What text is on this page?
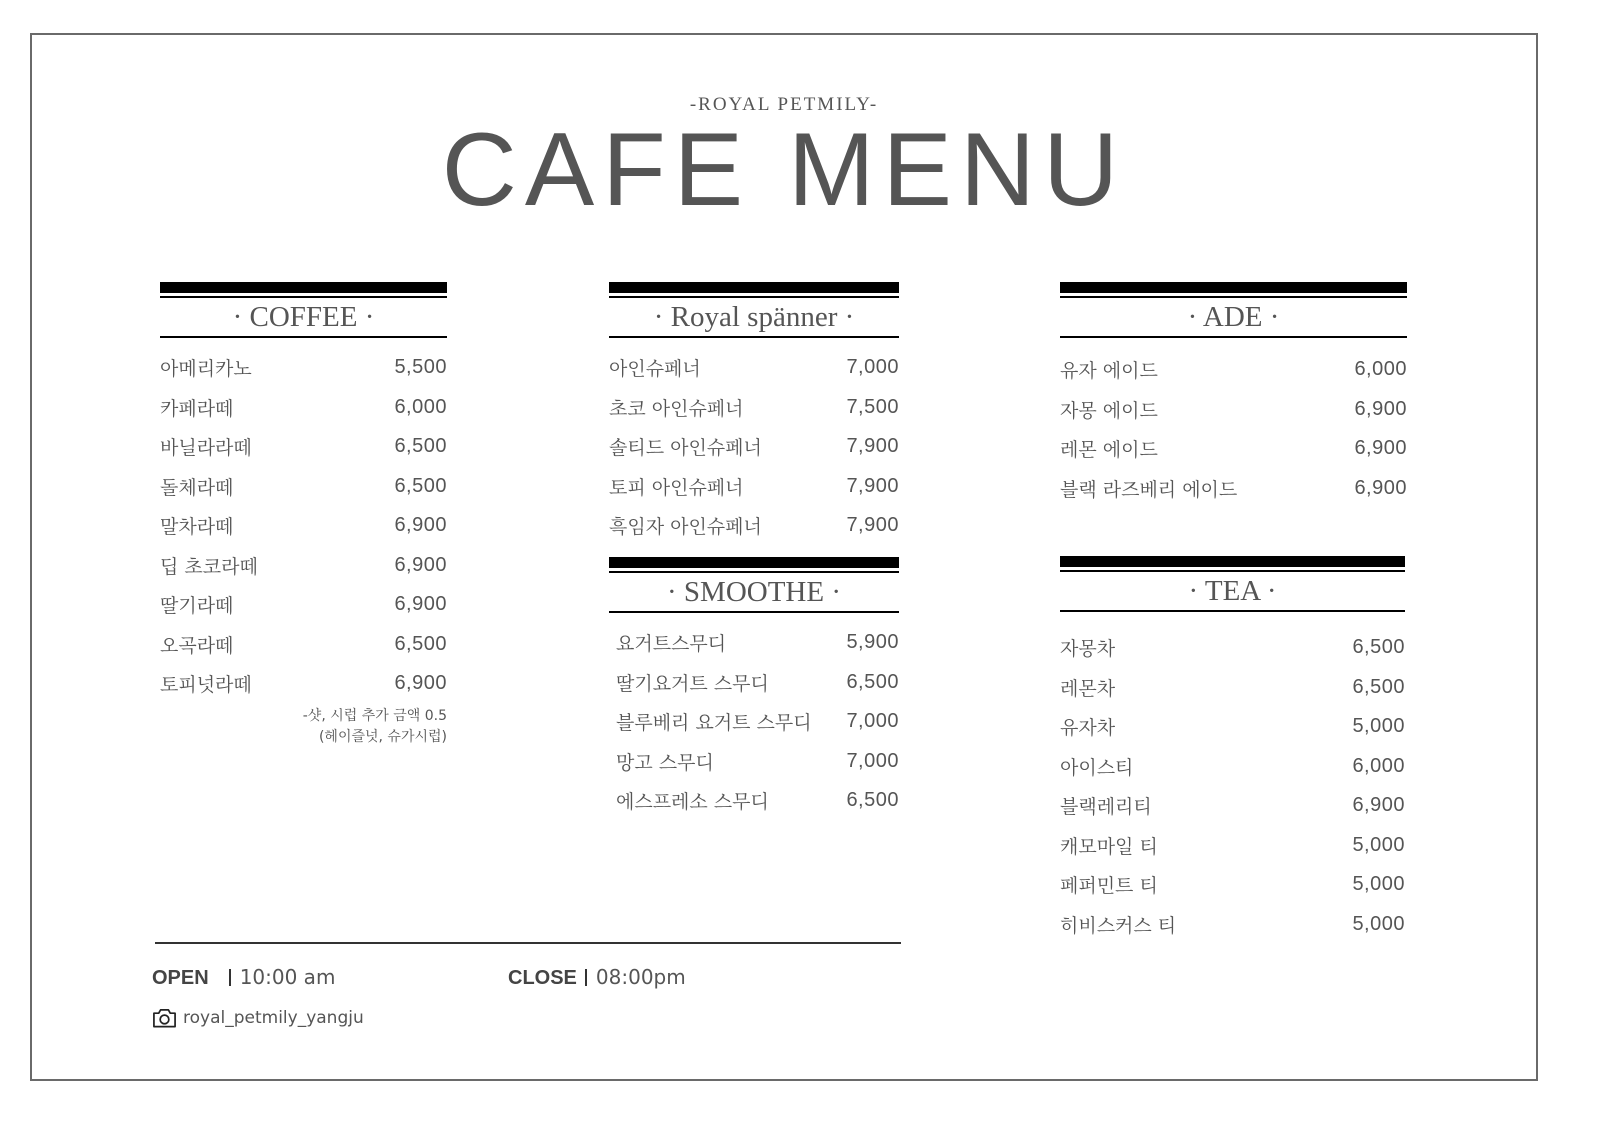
-ROYAL PETMILY-
CAFE MENU
· COFFEE ·
아메리카노	5,500
카페라떼	6,000
바닐라라떼	6,500
돌체라떼	6,500
말차라떼	6,900
딥 초코라떼	6,900
딸기라떼	6,900
오곡라떼	6,500
토피넛라떼	6,900
-샷, 시럽 추가 금액 0.5
(헤이즐넛, 슈가시럽)
· Royal spänner ·
아인슈페너	7,000
초코 아인슈페너	7,500
솔티드 아인슈페너	7,900
토피 아인슈페너	7,900
흑임자 아인슈페너	7,900
· SMOOTHE ·
요거트스무디	5,900
딸기요거트 스무디	6,500
블루베리 요거트 스무디 7,000
망고 스무디	7,000
에스프레소 스무디	6,500
· ADE ·
유자 에이드	6,000
자몽 에이드	6,900
레몬 에이드	6,900
블랙 라즈베리 에이드	6,900
· TEA ·
자몽차	6,500
레몬차	6,500
유자차	5,000
아이스티	6,000
블랙레리티	6,900
캐모마일 티	5,000
페퍼민트 티	5,000
히비스커스 티	5,000
OPEN 10:00 am	CLOSE 08:00pm
royal_petmily_yangju
